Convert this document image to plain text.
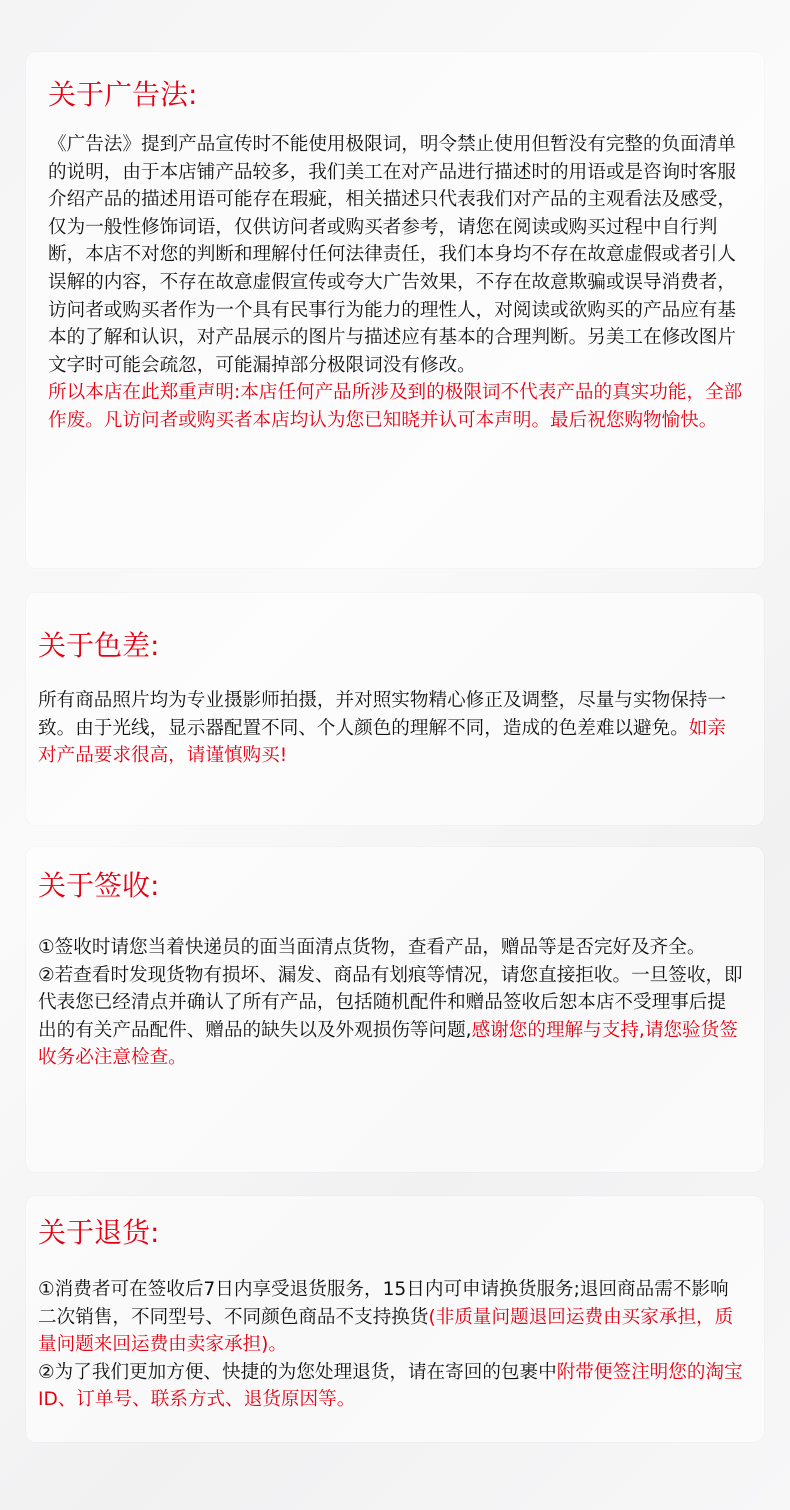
关于广告法:
《广告法》提到产品宣传时不能使用极限词，明令禁止使用但暂没有完整的负面清单的说明，由于本店铺产品较多，我们美工在对产品进行描述时的用语或是咨询时客服介绍产品的描述用语可能存在瑕疵，相关描述只代表我们对产品的主观看法及感受，仅为一般性修饰词语，仅供访问者或购买者参考，请您在阅读或购买过程中自行判断，本店不对您的判断和理解付任何法律责任，我们本身均不存在故意虚假或者引人误解的内容，不存在故意虚假宣传或夸大广告效果，不存在故意欺骗或误导消费者，访问者或购买者作为一个具有民事行为能力的理性人，对阅读或欲购买的产品应有基本的了解和认识，对产品展示的图片与描述应有基本的合理判断。另美工在修改图片文字时可能会疏忽，可能漏掉部分极限词没有修改。
所以本店在此郑重声明:本店任何产品所涉及到的极限词不代表产品的真实功能，全部作废。凡访问者或购买者本店均认为您已知晓并认可本声明。最后祝您购物愉快。
关于色差:
所有商品照片均为专业摄影师拍摄，并对照实物精心修正及调整，尽量与实物保持一致。由于光线，显示器配置不同、个人颜色的理解不同，造成的色差难以避免。如亲对产品要求很高，请谨慎购买!
关于签收:

①签收时请您当着快递员的面当面清点货物，查看产品，赠品等是否完好及齐全。

②若查看时发现货物有损坏、漏发、商品有划痕等情况，请您直接拒收。一旦签收，即代表您已经清点并确认了所有产品，包括随机配件和赠品签收后恕本店不受理事后提出的有关产品配件、赠品的缺失以及外观损伤等问题,感谢您的理解与支持,请您验货签收务必注意检查。

关于退货:

①消费者可在签收后7日内享受退货服务，15日内可申请换货服务;退回商品需不影响二次销售，不同型号、不同颜色商品不支持换货(非质量问题退回运费由买家承担，质量问题来回运费由卖家承担)。

②为了我们更加方便、快捷的为您处理退货，请在寄回的包裹中附带便签注明您的淘宝ID、订单号、联系方式、退货原因等。
